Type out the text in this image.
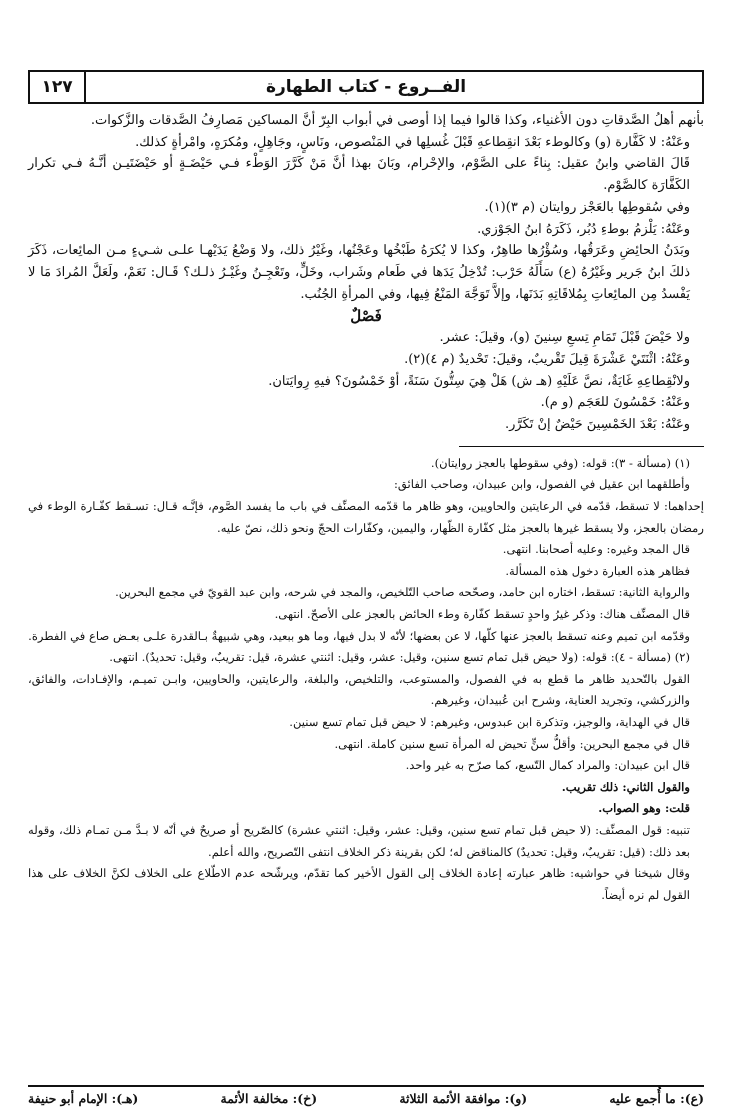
الفــروع - كتاب الطهارة
١٢٧

بأنهم أهلُ الصَّدقاتِ دون الأغنياء، وكذا قالوا فيما إذا أوصى في أبواب البِرّ أنَّ المساكين مَصارِفُ الصَّدقات والزَّكوات.

وعَنْهُ: لا كَفَّارة (و) وكالوطء بَعْدَ انقِطاعهِ قَبْلَ غُسلِها في المَنْصوص، ونَاسٍ، وجَاهِلٍ، ومُكرَهٍ، وامْرأةٍ كذلك.

قَالَ القاضي وابنُ عقيل: بِناءً على الصَّوْم، والإحْرام، وبَانَ بهذا أنَّ مَنْ كَرَّرَ الوَطْء فـي حَيْضَـةٍ أو حَيْضَتَيـن أنَّـهُ فـي تكرار الكَفَّارَة كالصَّوْم.

وفي سُقوطِها بالعَجْز روايتان (م ٣)(١).

وعَنْهُ: يَلْزمُ بوطءِ دُبُر، ذَكَرَهُ ابنُ الجَوْزي.

وبَدَنُ الحائِضِ وعَرَقُها، وسُؤْرُها طاهِرٌ، وكذا لا يُكرَهُ طَبْخُها وعَجْنُها، وغَيْرُ ذلك، ولا وَضْعُ يَدَيْهـا علـى شـيءٍ مـن المائِعات، ذَكَرَ ذلكَ ابنُ جَرير وغَيْرُهُ (ع) سَأَلَهُ حَرْب: تُدْخِلُ يَدَها في طَعام وشَراب، وخَلٍّ، وتَعْجِـنُ وغَيْـرُ ذلـك؟ قَـال: نَعَمْ، ولَعَلَّ المُرادَ مَا لا يَفْسدُ مِن المائِعاتِ بِمُلاقَاتِهِ بَدَنَها، وإلاَّ تَوَجَّهَ المَنْعُ فِيها، وفي المرأةِ الجُنُب.

فَصْلٌ

ولا حَيْضَ قَبْلَ تَمَامِ تِسعِ سِنينَ (و)، وقيلَ: عشر.

وعَنْهُ: اثْنَتَيْ عَشْرَةَ قِيلَ تَقْريبٌ، وقيلَ: تَحْديدٌ (م ٤)(٢).

ولانْقِطاعِهِ غَايَةٌ، نصَّ عَلَيْهِ (هـ ش) هَلْ هِيَ سِتُّونَ سَنَةً، أوْ خَمْسُونَ؟ فيهِ رِوايَتان.

وعَنْهُ: خَمْسُونَ للعَجَم (و م).

وعَنْهُ: بَعْدَ الخَمْسِينَ حَيْضٌ إنْ تَكَرَّر.

(١) (مسألة - ٣): قوله: (وفي سقوطها بالعجز روايتان).

وأطلقهما ابن عقيل في الفصول، وابن عبيدان، وصاحب الفائق:

إحداهما: لا تسقط، قدّمه في الرعايتين والحاويين، وهو ظاهر ما قدّمه المصنِّف في باب ما يفسد الصَّوم، فإنَّـه قـال: تسـقط كفّـارة الوطء في رمضان بالعجز، ولا يسقط غيرها بالعجز مثل كفّارة الظّهار، واليمين، وكفّارات الحجّ ونحو ذلك، نصّ عليه.

قال المجد وغيره: وعليه أصحابنا. انتهى.

فظاهر هذه العبارة دخول هذه المسألة.

والرواية الثانية: تسقط، اختاره ابن حامد، وصحّحه صاحب التّلخيص، والمجد في شرحه، وابن عبد القويّ في مجمع البحرين.

قال المصنِّف هناك: وذكر غيرُ واحدٍ تسقط كفّارة وطء الحائض بالعجز على الأصحّ. انتهى.

وقدّمه ابن تميم وعنه تسقط بالعجز عنها كلّها، لا عن بعضها؛ لأنّه لا بدل فيها، وما هو ببعيد، وهي شبيهةٌ بـالقدرة علـى بعـض صاع في الفطرة.

(٢) (مسألة - ٤): قوله: (ولا حيض قبل تمام تسع سنين، وقيل: عشر، وقيل: اثنتي عشرة، قيل: تقريبٌ، وقيل: تحديدٌ). انتهى.

القول بالتّحديد ظاهر ما قطع به في الفصول، والمستوعب، والتلخيص، والبلغة، والرعايتين، والحاويين، وابـن تميـم، والإفـادات، والفائق، والزركشي، وتجريد العناية، وشرح ابن عُبيدان، وغيرهم.

قال في الهداية، والوجيز، وتذكرة ابن عبدوس، وغيرهم: لا حيض قبل تمام تسع سنين.

قال في مجمع البحرين: وأقلُّ سنٍّ تحيض له المرأة تسع سنين كاملة. انتهى.

قال ابن عبيدان: والمراد كمال التّسع، كما صرّح به غير واحد.

والقول الثاني: ذلك تقريب.

قلت: وهو الصواب.

تنبيه: قول المصنِّف: (لا حيض قبل تمام تسع سنين، وقيل: عشر، وقيل: اثنتي عشرة) كالصّريح أو صريحٌ في أنّه لا بـدَّ مـن تمـام ذلك، وقوله بعد ذلك: (قيل: تقريبٌ، وقيل: تحديدٌ) كالمناقض له؛ لكن بقرينة ذكر الخلاف انتفى التّصريح، والله أعلم.

وقال شيخنا في حواشيه: ظاهر عبارته إعادة الخلاف إلى القول الأخير كما تقدّم، ويرشّحه عدم الاطّلاع على الخلاف لكنَّ الخلاف على هذا القول لم نره أيضاً.

(ع): ما أُجمع عليه
(و): موافقة الأئمة الثلاثة
(خ): مخالفة الأئمة
(هـ): الإمام أبو حنيفة
